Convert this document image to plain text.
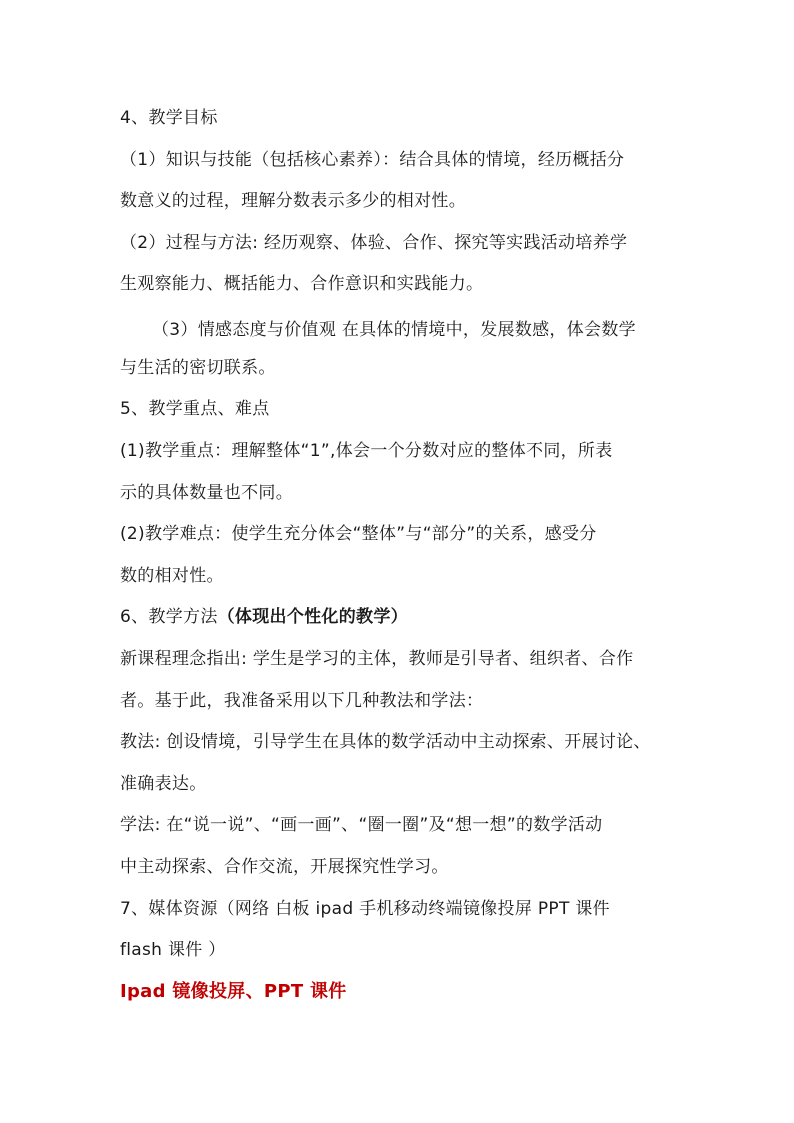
4、教学目标
（1）知识与技能（包括核心素养）：结合具体的情境，经历概括分
数意义的过程，理解分数表示多少的相对性。
（2）过程与方法: 经历观察、体验、合作、探究等实践活动培养学
生观察能力、概括能力、合作意识和实践能力。
（3）情感态度与价值观 在具体的情境中，发展数感，体会数学
与生活的密切联系。
5、教学重点、难点
(1)教学重点：理解整体“1”,体会一个分数对应的整体不同，所表
示的具体数量也不同。
(2)教学难点：使学生充分体会“整体”与“部分”的关系，感受分
数的相对性。
6、教学方法（体现出个性化的教学）
新课程理念指出: 学生是学习的主体，教师是引导者、组织者、合作
者。基于此，我准备采用以下几种教法和学法：
教法: 创设情境，引导学生在具体的数学活动中主动探索、开展讨论、
准确表达。
学法: 在“说一说”、“画一画”、“圈一圈”及“想一想”的数学活动
中主动探索、合作交流，开展探究性学习。
7、媒体资源（网络 白板 ipad 手机移动终端镜像投屏 PPT 课件
flash 课件 ）
Ipad 镜像投屏、PPT 课件
